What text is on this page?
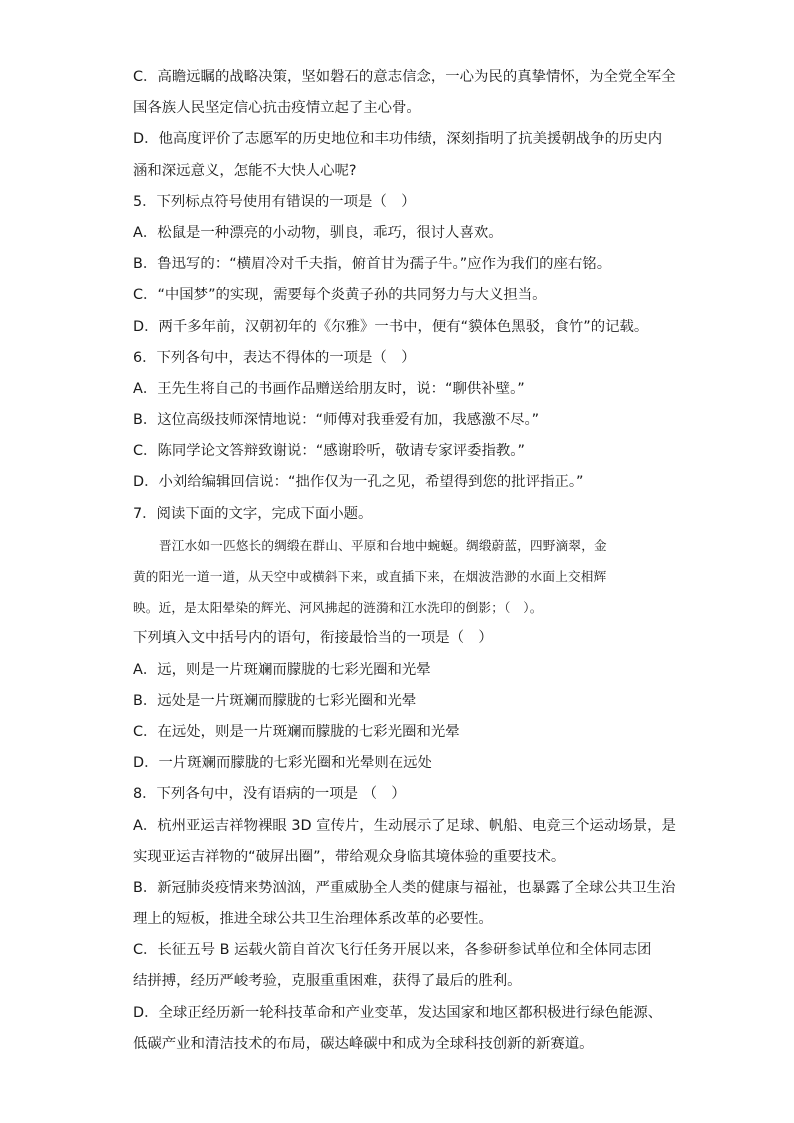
C．高瞻远瞩的战略决策，坚如磐石的意志信念，一心为民的真挚情怀，为全党全军全
国各族人民坚定信心抗击疫情立起了主心骨。
D．他高度评价了志愿军的历史地位和丰功伟绩，深刻指明了抗美援朝战争的历史内
涵和深远意义，怎能不大快人心呢?
5．下列标点符号使用有错误的一项是（　）
A．松鼠是一种漂亮的小动物，驯良，乖巧，很讨人喜欢。
B．鲁迅写的：“横眉冷对千夫指，俯首甘为孺子牛。”应作为我们的座右铭。
C．“中国梦”的实现，需要每个炎黄子孙的共同努力与大义担当。
D．两千多年前，汉朝初年的《尔雅》一书中，便有“貘体色黑驳，食竹”的记载。
6．下列各句中，表达不得体的一项是（　）
A．王先生将自己的书画作品赠送给朋友时，说：“聊供补壁。”
B．这位高级技师深情地说：“师傅对我垂爱有加，我感激不尽。”
C．陈同学论文答辩致谢说：“感谢聆听，敬请专家评委指教。”
D．小刘给编辑回信说：“拙作仅为一孔之见，希望得到您的批评指正。”
7．阅读下面的文字，完成下面小题。
晋江水如一匹悠长的绸缎在群山、平原和台地中蜿蜒。绸缎蔚蓝，四野滴翠，金
黄的阳光一道一道，从天空中或横斜下来，或直插下来，在烟波浩渺的水面上交相辉
映。近，是太阳晕染的辉光、河风拂起的涟漪和江水洗印的倒影；（　）。
下列填入文中括号内的语句，衔接最恰当的一项是（　）
A．远，则是一片斑斓而朦胧的七彩光圈和光晕
B．远处是一片斑斓而朦胧的七彩光圈和光晕
C．在远处，则是一片斑斓而朦胧的七彩光圈和光晕
D．一片斑斓而朦胧的七彩光圈和光晕则在远处
8．下列各句中，没有语病的一项是 （　）
A．杭州亚运吉祥物裸眼 3D 宣传片，生动展示了足球、帆船、电竞三个运动场景，是
实现亚运吉祥物的“破屏出圈”，带给观众身临其境体验的重要技术。
B．新冠肺炎疫情来势汹汹，严重威胁全人类的健康与福祉，也暴露了全球公共卫生治
理上的短板，推进全球公共卫生治理体系改革的必要性。
C．长征五号 B 运载火箭自首次飞行任务开展以来，各参研参试单位和全体同志团
结拼搏，经历严峻考验，克服重重困难，获得了最后的胜利。
D．全球正经历新一轮科技革命和产业变革，发达国家和地区都积极进行绿色能源、
低碳产业和清洁技术的布局，碳达峰碳中和成为全球科技创新的新赛道。
